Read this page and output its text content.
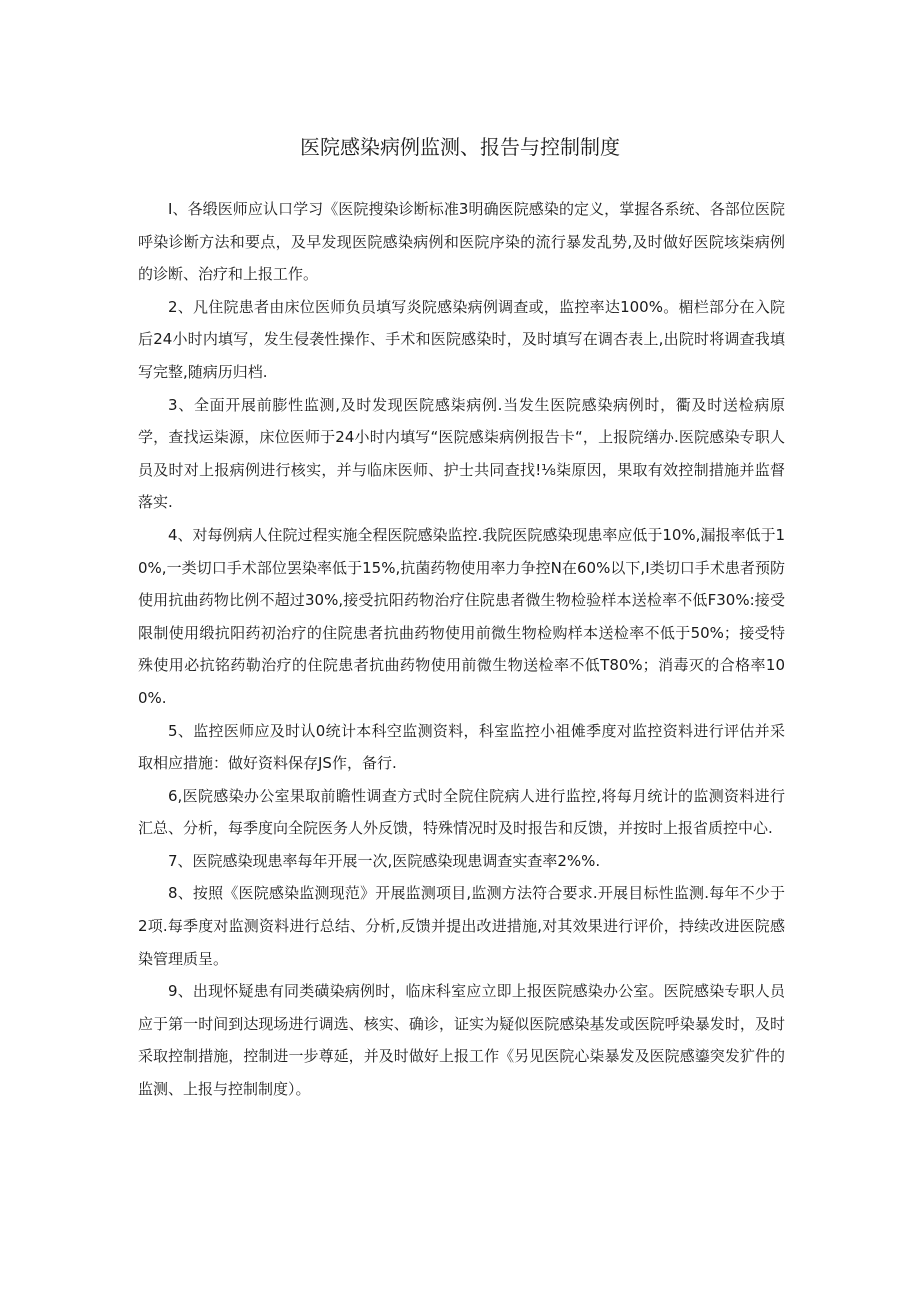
医院感染病例监测、报告与控制制度

I、各缎医师应认口学习《医院搜染诊断标准3明确医院感染的定义，掌握各系统、各部位医院呼染诊断方法和要点，及早发现医院感染病例和医院序染的流行暴发乱势,及时做好医院垓柒病例的诊断、治疗和上报工作。

2、凡住院患者由床位医师负员填写炎院感染病例调查或，监控率达100%。楣栏部分在入院后24小时内填写，发生侵袭性操作、手术和医院感染时，及时填写在调杏表上,出院时将调查我填写完整,随病历归档.

3、全面开展前膨性监测,及时发现医院感柒病例.当发生医院感染病例时，衢及时送检病原学，查找运柒源，床位医师于24小时内填写“医院感柒病例报告卡“，上报院缮办.医院感染专职人员及时对上报病例进行核实，并与临床医师、护士共同查找!⅛柒原因，果取有效控制措施并监督落实.

4、对每例病人住院过程实施全程医院感染监控.我院医院感染现患率应低于10%,漏报率低于10%,一类切口手术部位罢染率低于15%,抗菌药物使用率力争控N在60%以下,I类切口手术患者预防使用抗曲药物比例不超过30%,接受抗阳药物治疗住院患者微生物检验样本送检率不低F30%:接受限制使用缎抗阳药初治疗的住院患者抗曲药物使用前微生物检购样本送检率不低于50%；接受特殊使用必抗铭药勒治疗的住院患者抗曲药物使用前微生物送检率不低T80%；消毒灭的合格率100%.

5、监控医师应及时认0统计本科空监测资料，科室监控小祖傩季度对监控资料进行评估并采取相应措施：做好资料保存JS作，备行.

6,医院感染办公室果取前瞻性调查方式时全院住院病人进行监控,将每月统计的监测资料进行汇总、分析，每季度向全院医务人外反馈，特殊情况时及时报告和反馈，并按时上报省质控中心.

7、医院感染现患率每年开展一次,医院感染现患调查实查率2%%.

8、按照《医院感染监测现范》开展监测项目,监测方法符合要求.开展目标性监测.每年不少于2项.每季度对监测资料进行总结、分析,反馈并提出改进措施,对其效果进行评价，持续改进医院感染管理质呈。

9、出现怀疑患有同类磺染病例时，临床科室应立即上报医院感染办公室。医院感染专职人员应于第一时间到达现场进行调选、核实、确诊，证实为疑似医院感染基发或医院呼染暴发时，及时采取控制措施，控制进一步尊延，并及时做好上报工作《另见医院心柒暴发及医院感鎏突发犷件的监测、上报与控制制度）。
